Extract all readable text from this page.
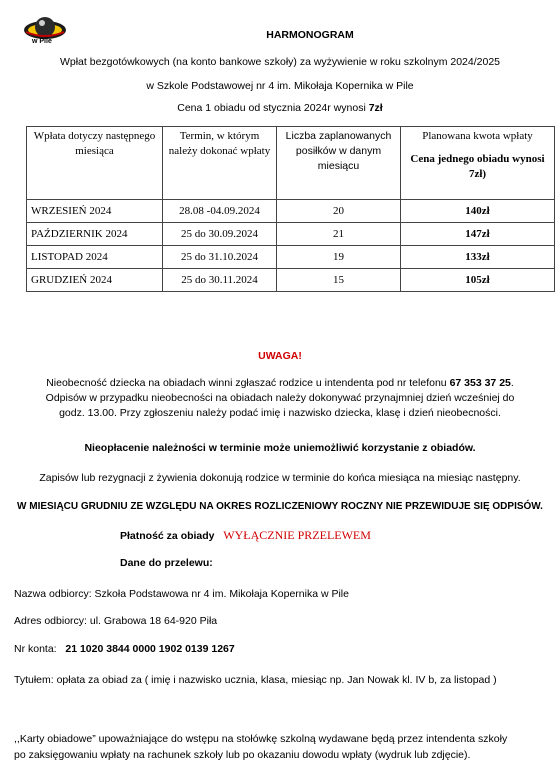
w Pile
HARMONOGRAM
Wpłat bezgotówkowych (na konto bankowe szkoły) za wyżywienie w roku szkolnym 2024/2025
w Szkole Podstawowej nr 4 im. Mikołaja Kopernika w Pile
Cena 1 obiadu od stycznia 2024r wynosi 7zł
Wpłata dotyczy następnego miesiąca	Termin, w którym należy dokonać wpłaty	Liczba zaplanowanych posiłków w danym miesiącu	Planowana kwota wpłaty
Cena jednego obiadu wynosi 7zł)

WRZESIEŃ 2024	28.08 -04.09.2024	20	140zł
PAŹDZIERNIK 2024	25 do 30.09.2024	21	147zł
LISTOPAD 2024	25 do 31.10.2024	19	133zł
GRUDZIEŃ 2024	25 do 30.11.2024	15	105zł
UWAGA!
Nieobecność dziecka na obiadach winni zgłaszać rodzice u intendenta pod nr telefonu 67 353 37 25.
Odpisów w przypadku nieobecności na obiadach należy dokonywać przynajmniej dzień wcześniej do
godz. 13.00. Przy zgłoszeniu należy podać imię i nazwisko dziecka, klasę i dzień nieobecności.
Nieopłacenie należności w terminie może uniemożliwić korzystanie z obiadów.
Zapisów lub rezygnacji z żywienia dokonują rodzice w terminie do końca miesiąca na miesiąc następny.
W MIESIĄCU GRUDNIU ZE WZGLĘDU NA OKRES ROZLICZENIOWY ROCZNY NIE PRZEWIDUJE SIĘ ODPISÓW.
Płatność za obiady WYŁĄCZNIE PRZELEWEM
Dane do przelewu:
Nazwa odbiorcy: Szkoła Podstawowa nr 4 im. Mikołaja Kopernika w Pile
Adres odbiorcy: ul. Grabowa 18 64-920 Piła
Nr konta: 21 1020 3844 0000 1902 0139 1267
Tytułem: opłata za obiad za ( imię i nazwisko ucznia, klasa, miesiąc np. Jan Nowak kl. IV b, za listopad )
,,Karty obiadowe” upoważniające do wstępu na stołówkę szkolną wydawane będą przez intendenta szkoły
po zaksięgowaniu wpłaty na rachunek szkoły lub po okazaniu dowodu wpłaty (wydruk lub zdjęcie).
